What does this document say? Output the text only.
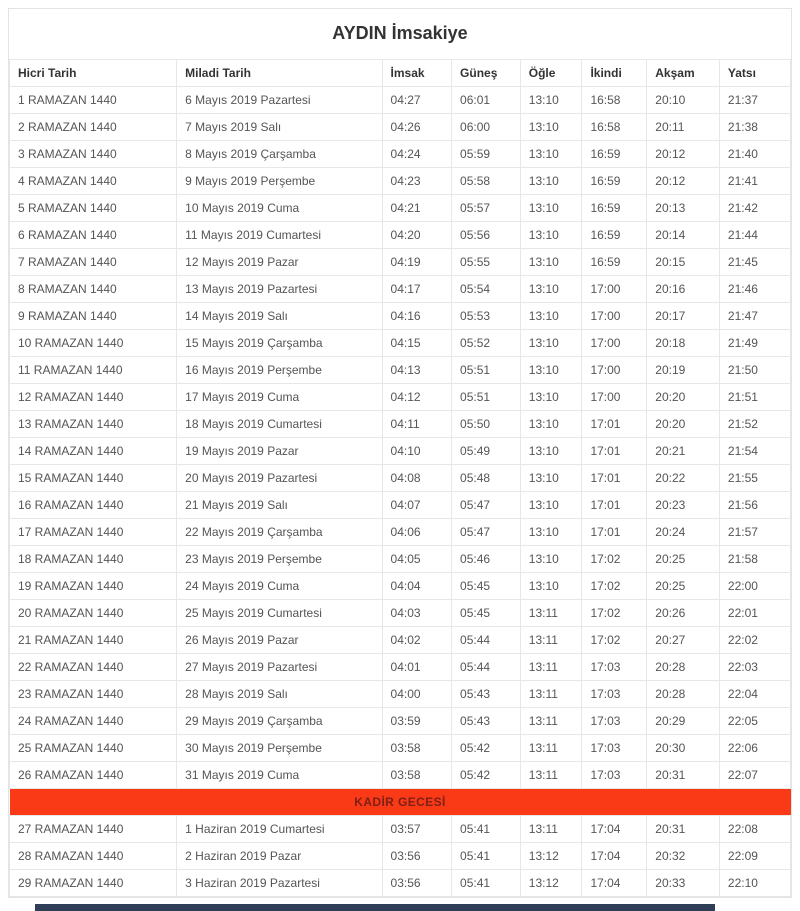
AYDIN İmsakiye
Hicri Tarih	Miladi Tarih	İmsak	Güneş	Öğle	İkindi	Akşam	Yatsı
1 RAMAZAN 1440	6 Mayıs 2019 Pazartesi	04:27	06:01	13:10	16:58	20:10	21:37
2 RAMAZAN 1440	7 Mayıs 2019 Salı	04:26	06:00	13:10	16:58	20:11	21:38
3 RAMAZAN 1440	8 Mayıs 2019 Çarşamba	04:24	05:59	13:10	16:59	20:12	21:40
4 RAMAZAN 1440	9 Mayıs 2019 Perşembe	04:23	05:58	13:10	16:59	20:12	21:41
5 RAMAZAN 1440	10 Mayıs 2019 Cuma	04:21	05:57	13:10	16:59	20:13	21:42
6 RAMAZAN 1440	11 Mayıs 2019 Cumartesi	04:20	05:56	13:10	16:59	20:14	21:44
7 RAMAZAN 1440	12 Mayıs 2019 Pazar	04:19	05:55	13:10	16:59	20:15	21:45
8 RAMAZAN 1440	13 Mayıs 2019 Pazartesi	04:17	05:54	13:10	17:00	20:16	21:46
9 RAMAZAN 1440	14 Mayıs 2019 Salı	04:16	05:53	13:10	17:00	20:17	21:47
10 RAMAZAN 1440	15 Mayıs 2019 Çarşamba	04:15	05:52	13:10	17:00	20:18	21:49
11 RAMAZAN 1440	16 Mayıs 2019 Perşembe	04:13	05:51	13:10	17:00	20:19	21:50
12 RAMAZAN 1440	17 Mayıs 2019 Cuma	04:12	05:51	13:10	17:00	20:20	21:51
13 RAMAZAN 1440	18 Mayıs 2019 Cumartesi	04:11	05:50	13:10	17:01	20:20	21:52
14 RAMAZAN 1440	19 Mayıs 2019 Pazar	04:10	05:49	13:10	17:01	20:21	21:54
15 RAMAZAN 1440	20 Mayıs 2019 Pazartesi	04:08	05:48	13:10	17:01	20:22	21:55
16 RAMAZAN 1440	21 Mayıs 2019 Salı	04:07	05:47	13:10	17:01	20:23	21:56
17 RAMAZAN 1440	22 Mayıs 2019 Çarşamba	04:06	05:47	13:10	17:01	20:24	21:57
18 RAMAZAN 1440	23 Mayıs 2019 Perşembe	04:05	05:46	13:10	17:02	20:25	21:58
19 RAMAZAN 1440	24 Mayıs 2019 Cuma	04:04	05:45	13:10	17:02	20:25	22:00
20 RAMAZAN 1440	25 Mayıs 2019 Cumartesi	04:03	05:45	13:11	17:02	20:26	22:01
21 RAMAZAN 1440	26 Mayıs 2019 Pazar	04:02	05:44	13:11	17:02	20:27	22:02
22 RAMAZAN 1440	27 Mayıs 2019 Pazartesi	04:01	05:44	13:11	17:03	20:28	22:03
23 RAMAZAN 1440	28 Mayıs 2019 Salı	04:00	05:43	13:11	17:03	20:28	22:04
24 RAMAZAN 1440	29 Mayıs 2019 Çarşamba	03:59	05:43	13:11	17:03	20:29	22:05
25 RAMAZAN 1440	30 Mayıs 2019 Perşembe	03:58	05:42	13:11	17:03	20:30	22:06
26 RAMAZAN 1440	31 Mayıs 2019 Cuma	03:58	05:42	13:11	17:03	20:31	22:07
KADİR GECESİ							
27 RAMAZAN 1440	1 Haziran 2019 Cumartesi	03:57	05:41	13:11	17:04	20:31	22:08
28 RAMAZAN 1440	2 Haziran 2019 Pazar	03:56	05:41	13:12	17:04	20:32	22:09
29 RAMAZAN 1440	3 Haziran 2019 Pazartesi	03:56	05:41	13:12	17:04	20:33	22:10
